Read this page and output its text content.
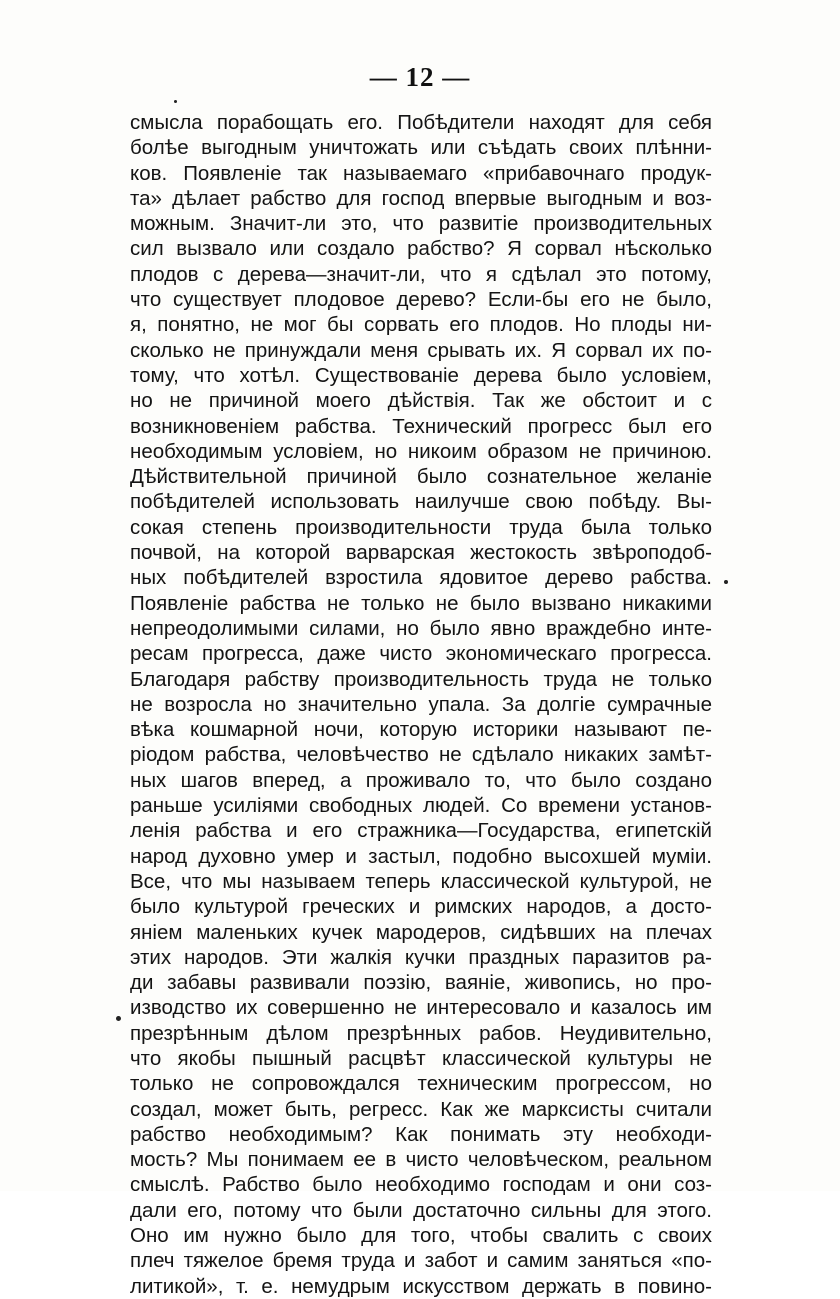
— 12 —
смысла порабощать его. Побѣдители находят для себя
болѣе выгодным уничтожать или съѣдать своих плѣнни-
ков. Появленіе так называемаго «прибавочнаго продук-
та» дѣлает рабство для господ впервые выгодным и воз-
можным. Значит-ли это, что развитіе производительных
сил вызвало или создало рабство? Я сорвал нѣсколько
плодов с дерева—значит-ли, что я сдѣлал это потому,
что существует плодовое дерево? Если-бы его не было,
я, понятно, не мог бы сорвать его плодов. Но плоды ни-
сколько не принуждали меня срывать их. Я сорвал их по-
тому, что хотѣл. Существованіе дерева было условіем,
но не причиной моего дѣйствія. Так же обстоит и с
возникновеніем рабства. Технический прогресс был его
необходимым условіем, но никоим образом не причиною.
Дѣйствительной причиной было сознательное желаніе
побѣдителей использовать наилучше свою побѣду. Вы-
сокая степень производительности труда была только
почвой, на которой варварская жестокость звѣроподоб-
ных побѣдителей взростила ядовитое дерево рабства.
Появленіе рабства не только не было вызвано никакими
непреодолимыми силами, но было явно враждебно инте-
ресам прогресса, даже чисто экономическаго прогресса.
Благодаря рабству производительность труда не только
не возросла но значительно упала. За долгіе сумрачные
вѣка кошмарной ночи, которую историки называют пе-
ріодом рабства, человѣчество не сдѣлало никаких замѣт-
ных шагов вперед, а проживало то, что было создано
раньше усиліями свободных людей. Со времени установ-
ленія рабства и его стражника—Государства, египетскій
народ духовно умер и застыл, подобно высохшей муміи.
Все, что мы называем теперь классической культурой, не
было культурой греческих и римских народов, а досто-
яніем маленьких кучек мародеров, сидѣвших на плечах
этих народов. Эти жалкія кучки праздных паразитов ра-
ди забавы развивали поэзію, ваяніе, живопись, но про-
изводство их совершенно не интересовало и казалось им
презрѣнным дѣлом презрѣнных рабов. Неудивительно,
что якобы пышный расцвѣт классической культуры не
только не сопровождался техническим прогрессом, но
создал, может быть, регресс. Как же марксисты считали
рабство необходимым? Как понимать эту необходи-
мость? Мы понимаем ее в чисто человѣческом, реальном
смыслѣ. Рабство было необходимо господам и они соз-
дали его, потому что были достаточно сильны для этого.
Оно им нужно было для того, чтобы свалить с своих
плеч тяжелое бремя труда и забот и самим заняться «по-
литикой», т. е. немудрым искусством держать в повино-
